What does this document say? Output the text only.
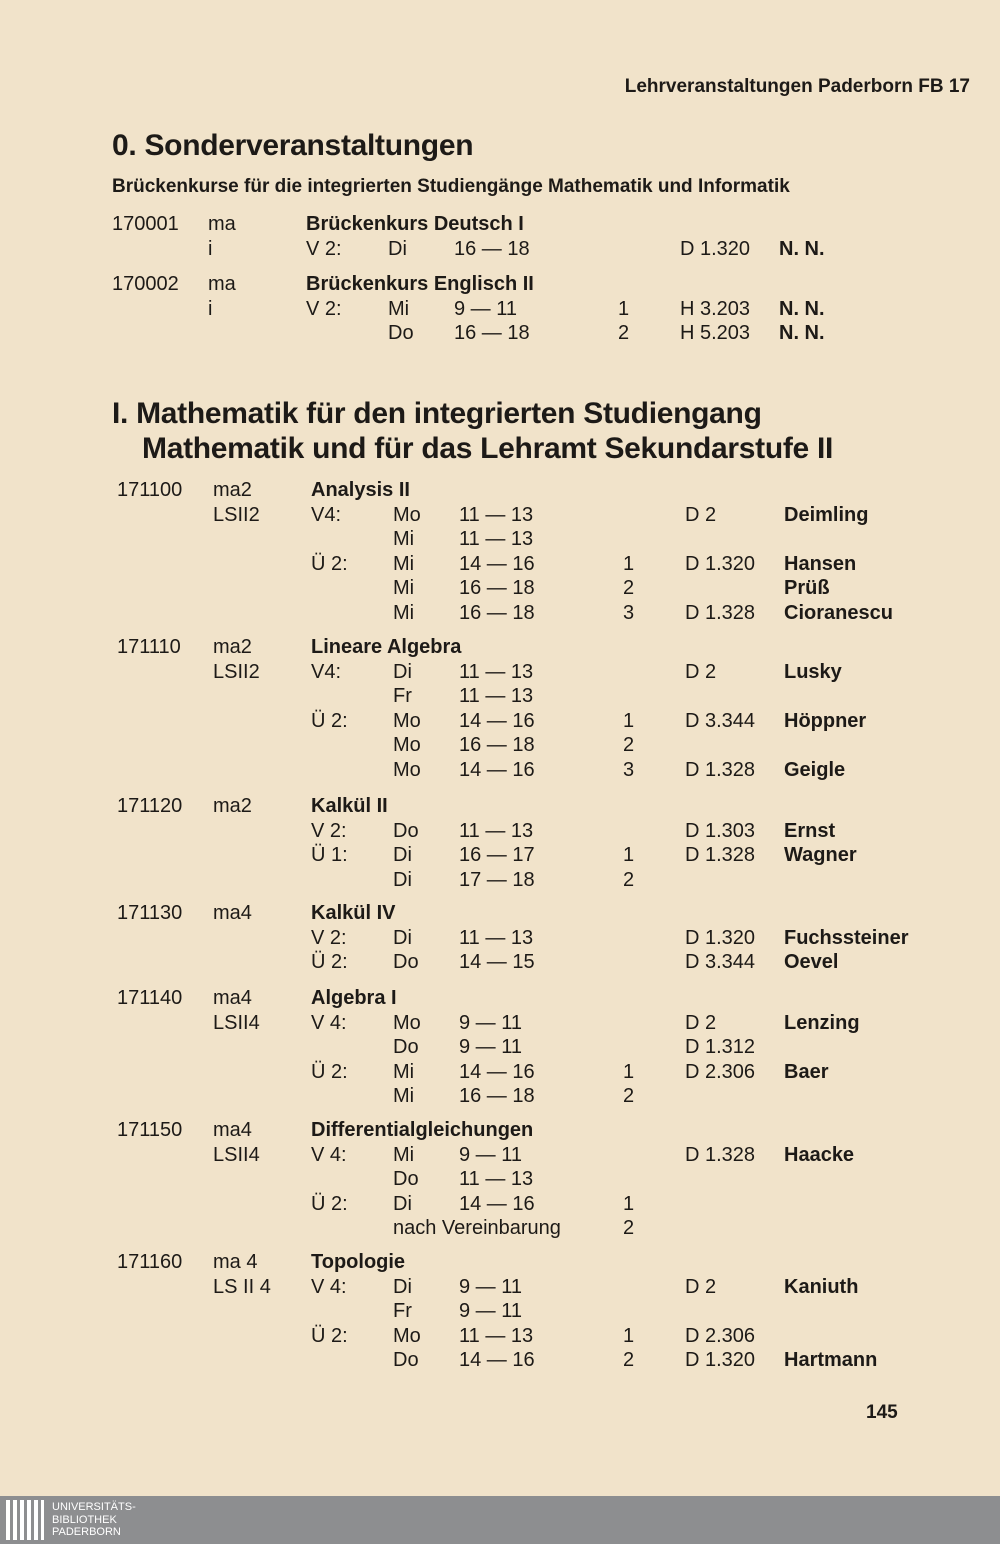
Lehrveranstaltungen Paderborn FB 17
0. Sonderveranstaltungen
Brückenkurse für die integrierten Studiengänge Mathematik und Informatik
170001 ma	Brückenkurs Deutsch I
i	V 2: Di 16 — 18	D 1.320 N. N.
170002 ma	Brückenkurs Englisch II
i	V 2: Mi 9 — 11	1	H 3.203 N. N.
Do 16 — 18	2	H 5.203 N. N.
I. Mathematik für den integrierten Studiengang
Mathematik und für das Lehramt Sekundarstufe II
171100 ma2	Analysis II
LSII2	V4:	Mo 11 — 13	D 2	Deimling
Mi 11 — 13
Ü 2: Mi 14 — 16	1	D 1.320 Hansen
Mi 16 — 18	2	Prüß
Mi 16 — 18	3	D 1.328 Cioranescu
171110 ma2	Lineare Algebra
LSII2	V4:	Di 11 — 13	D 2	Lusky
Fr 11 — 13
Ü 2: Mo 14 — 16	1	D 3.344 Höppner
Mo 16 — 18	2
Mo 14 — 16	3	D 1.328 Geigle
171120 ma2	Kalkül II
V 2: Do 11 — 13	D 1.303 Ernst
Ü 1: Di 16 — 17	1	D 1.328 Wagner
Di 17 — 18	2
171130 ma4	Kalkül IV
V 2: Di 11 — 13	D 1.320 Fuchssteiner
Ü 2: Do 14 — 15	D 3.344 Oevel
171140 ma4	Algebra I
LSII4	V 4: Mo 9 — 11	D 2	Lenzing
Do 9 — 11	D 1.312
Ü 2: Mi 14 — 16	1	D 2.306 Baer
Mi 16 — 18	2
171150 ma4	Differentialgleichungen
LSII4	V 4: Mi 9 — 11	D 1.328 Haacke
Do 11 — 13
Ü 2: Di 14 — 16	1
nach Vereinbarung	2
171160 ma 4	Topologie
LS II 4 V 4: Di 9 — 11	D 2	Kaniuth
Fr 9 — 11
Ü 2: Mo 11 — 13	1	D 2.306
Do 14 — 16	2	D 1.320 Hartmann
145
UNIVERSITÄTS-
BIBLIOTHEK
PADERBORN
